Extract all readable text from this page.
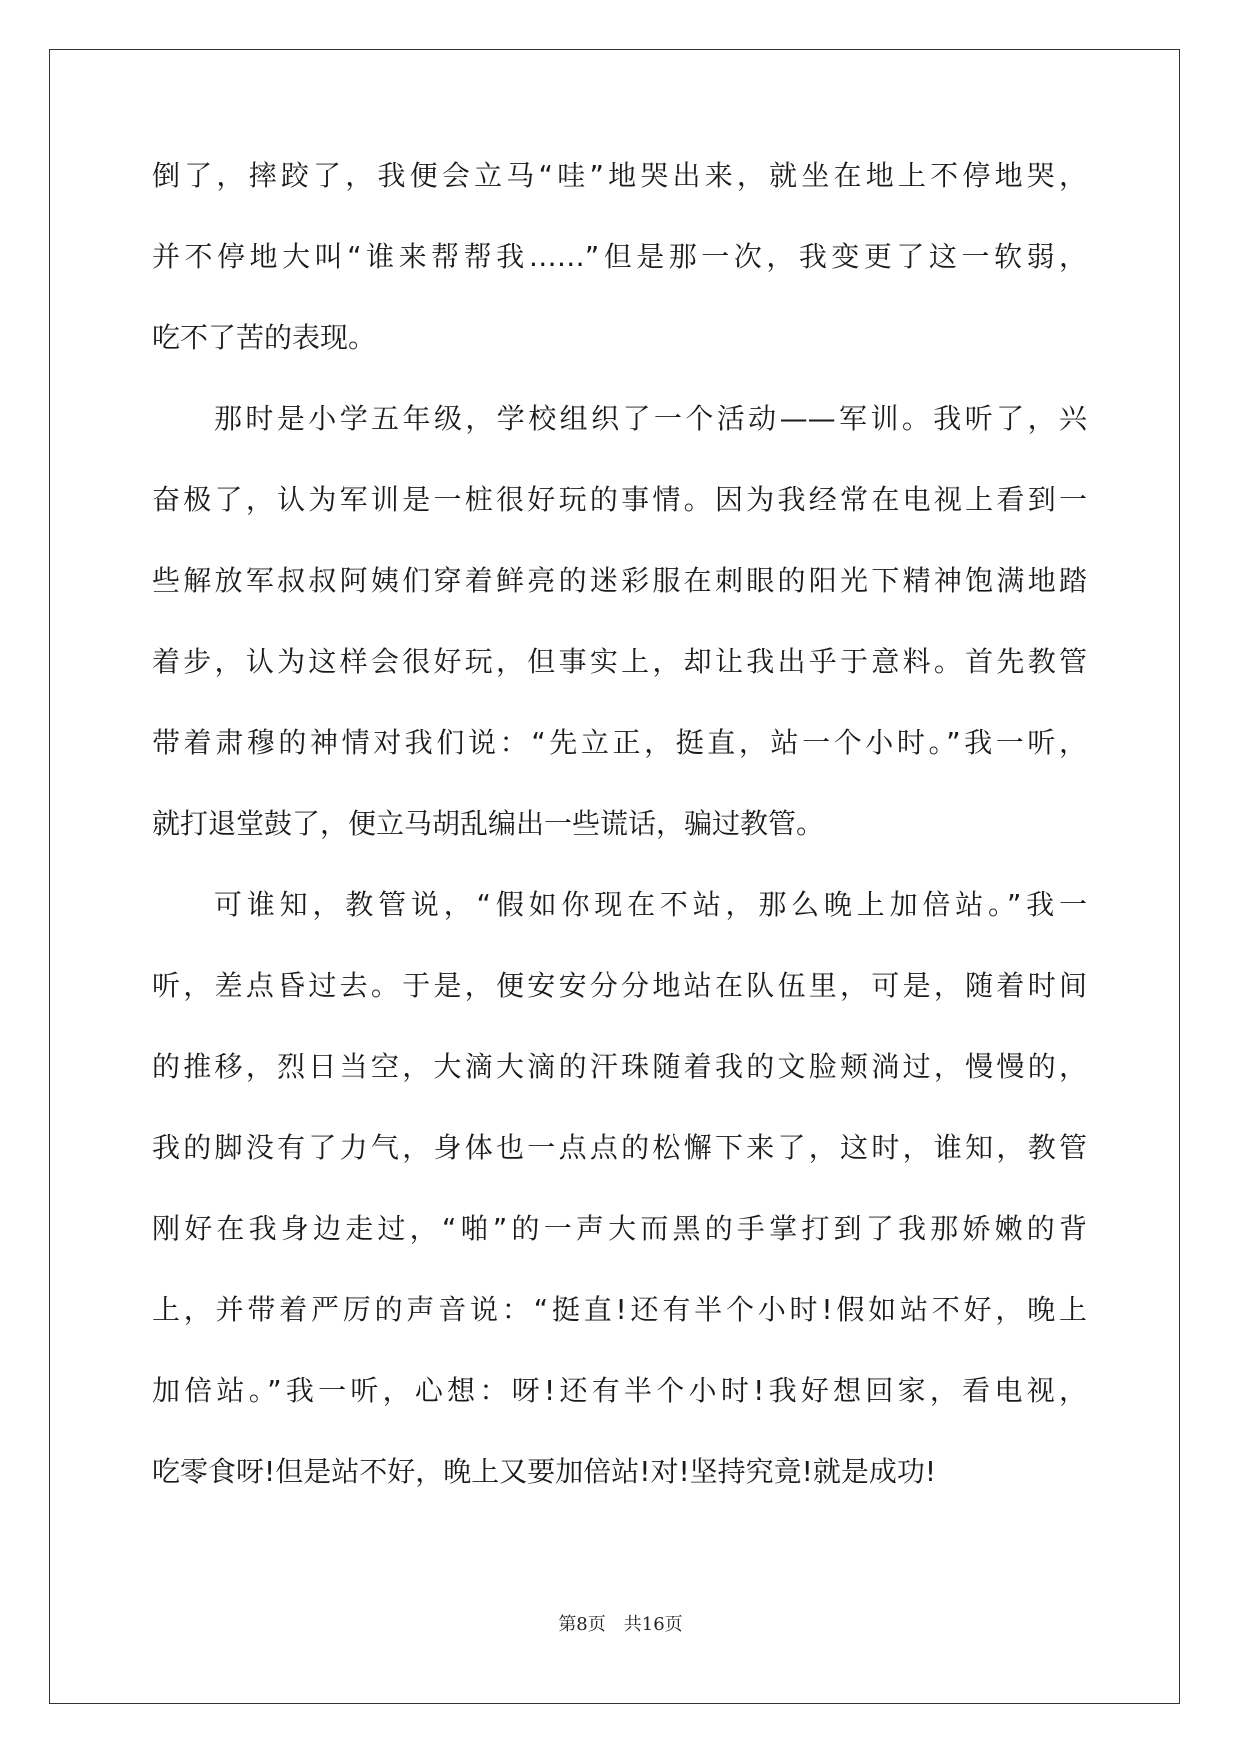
倒了，摔跤了，我便会立马“哇”地哭出来，就坐在地上不停地哭，
并不停地大叫“谁来帮帮我……”但是那一次，我变更了这一软弱，
吃不了苦的表现。
那时是小学五年级，学校组织了一个活动——军训。我听了，兴
奋极了，认为军训是一桩很好玩的事情。因为我经常在电视上看到一
些解放军叔叔阿姨们穿着鲜亮的迷彩服在刺眼的阳光下精神饱满地踏
着步，认为这样会很好玩，但事实上，却让我出乎于意料。首先教管
带着肃穆的神情对我们说：“先立正，挺直，站一个小时。”我一听，
就打退堂鼓了，便立马胡乱编出一些谎话，骗过教管。
可谁知，教管说，“假如你现在不站，那么晚上加倍站。”我一
听，差点昏过去。于是，便安安分分地站在队伍里，可是，随着时间
的推移，烈日当空，大滴大滴的汗珠随着我的文脸颊淌过，慢慢的，
我的脚没有了力气，身体也一点点的松懈下来了，这时，谁知，教管
刚好在我身边走过，“啪”的一声大而黑的手掌打到了我那娇嫩的背
上，并带着严厉的声音说：“挺直!还有半个小时!假如站不好，晚上
加倍站。”我一听，心想：呀!还有半个小时!我好想回家，看电视，
吃零食呀!但是站不好，晚上又要加倍站!对!坚持究竟!就是成功!
第8页　共16页
